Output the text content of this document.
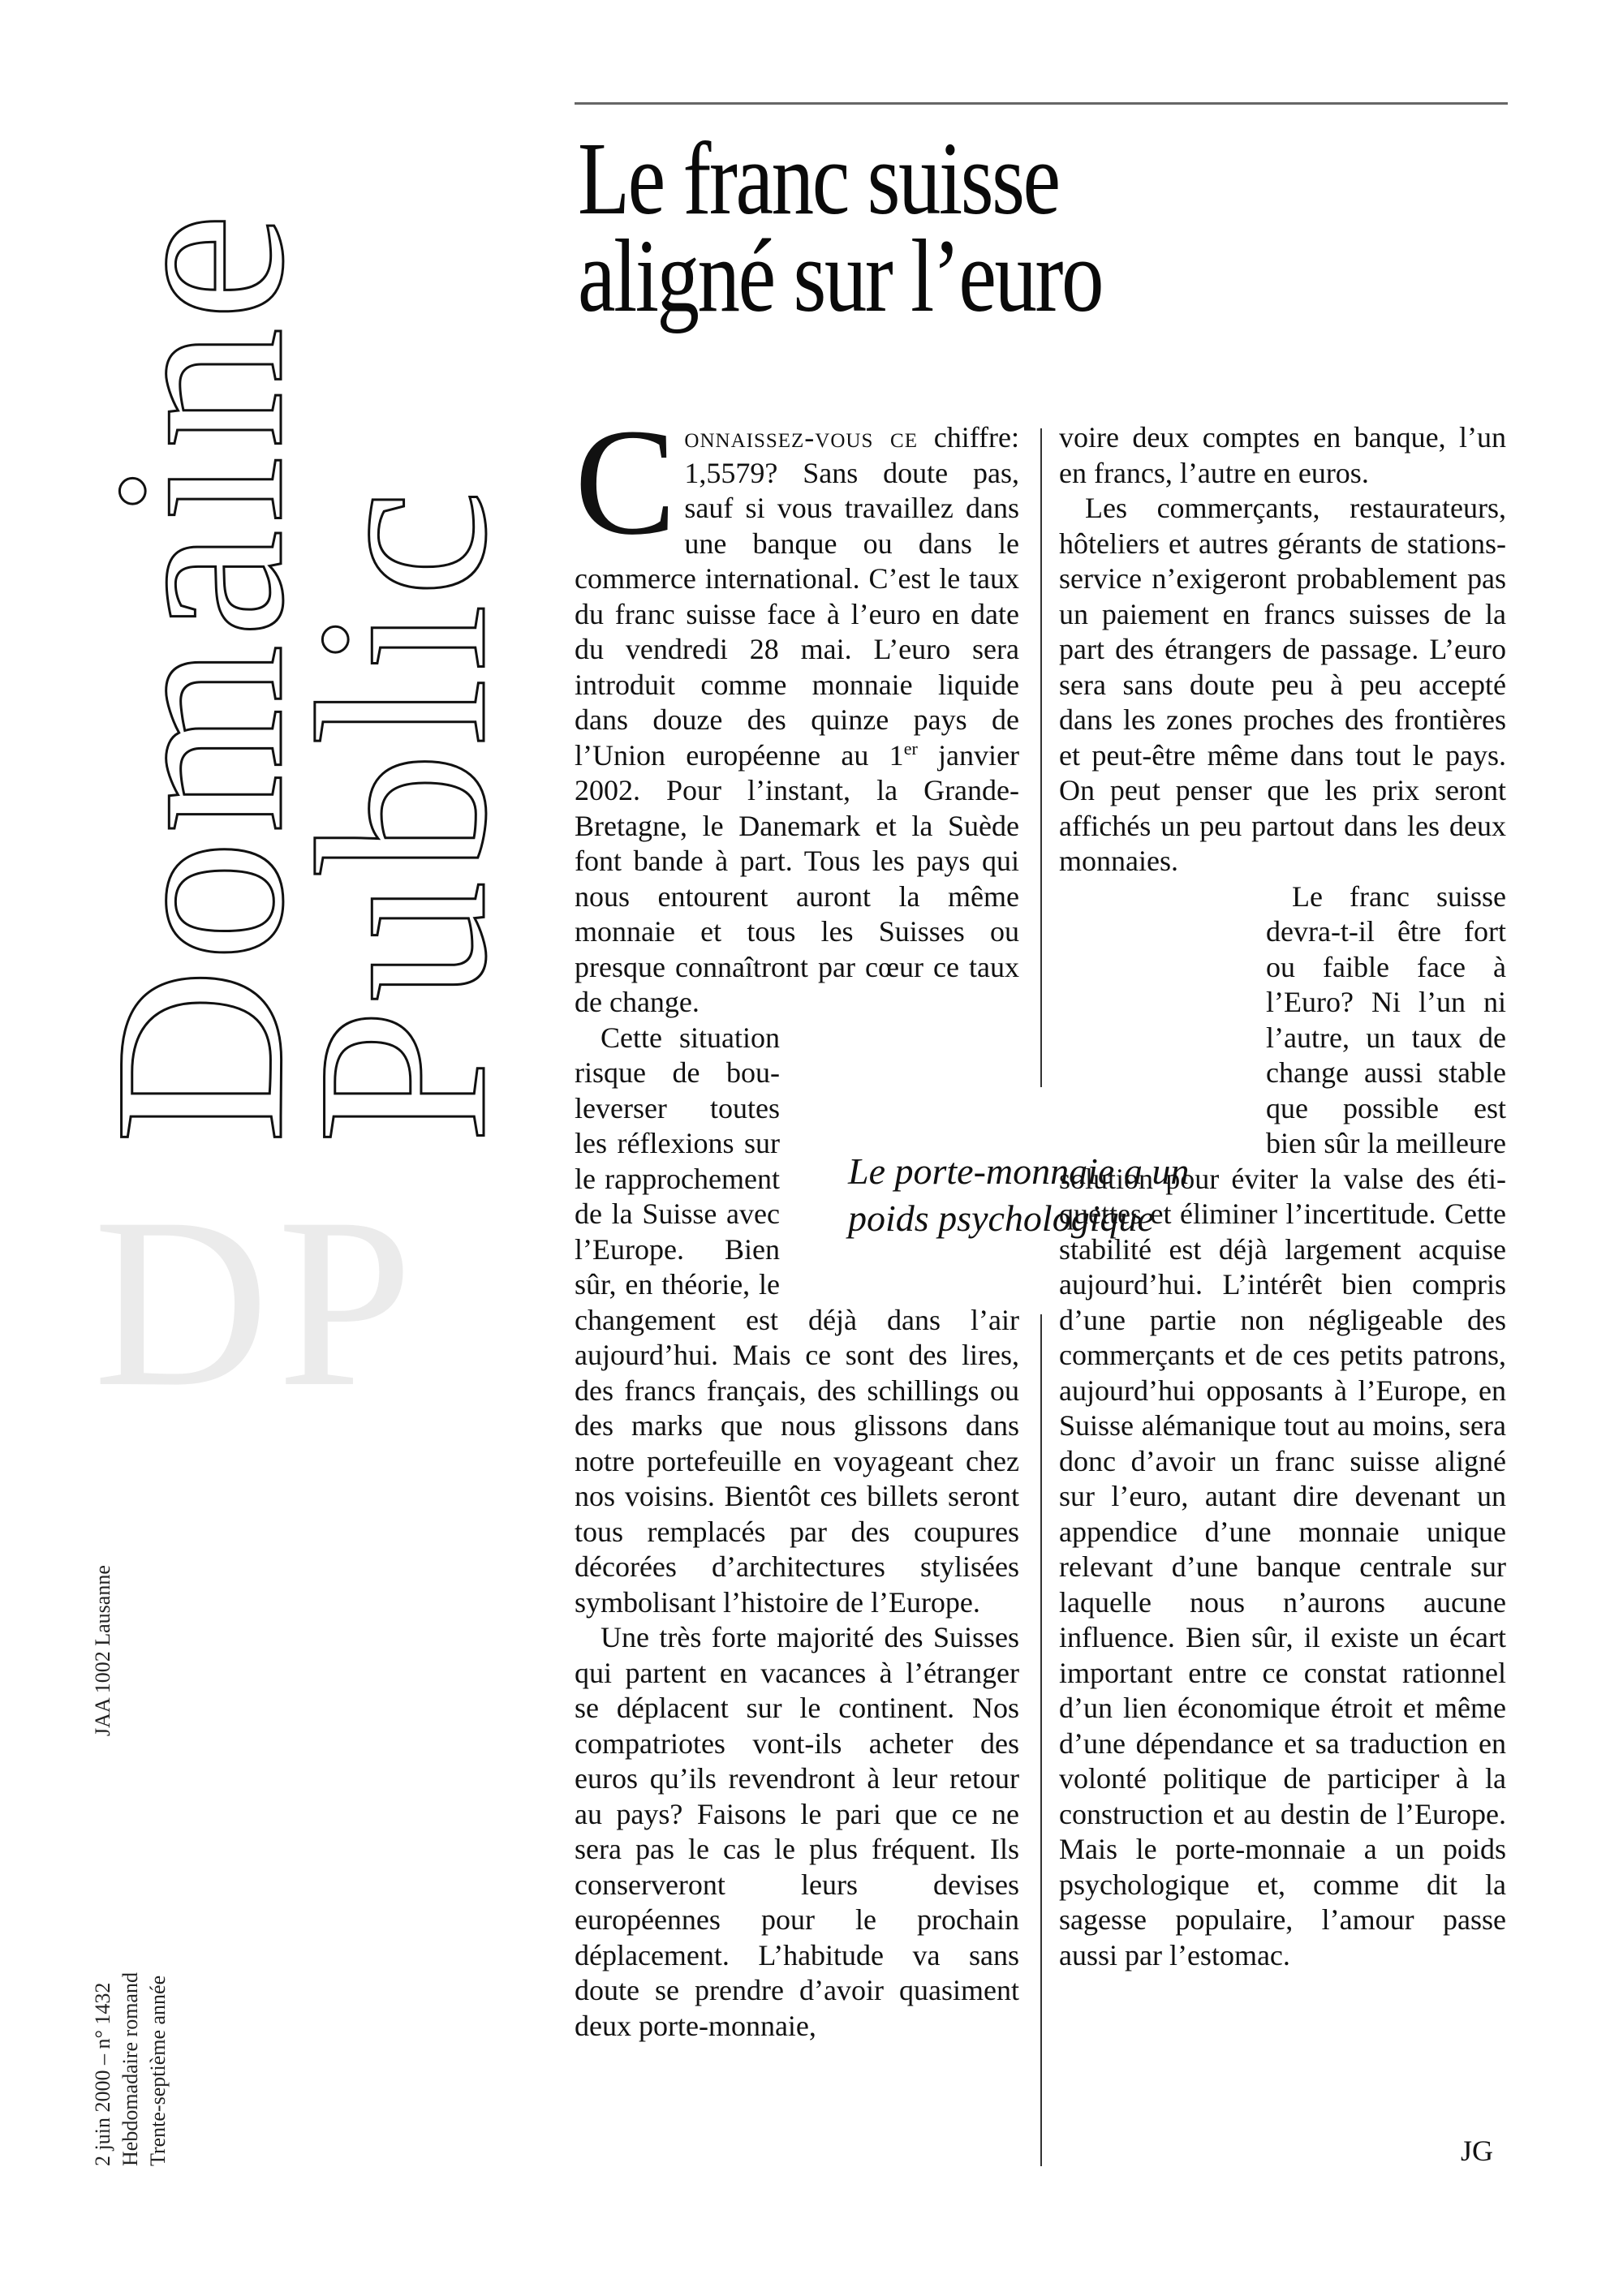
Domaine
Public
DP
2 juin 2000 – n° 1432 Hebdomadaire romand Trente-septième année
JAA 1002 Lausanne
Le franc suisse
aligné sur l’euro

Connaissez-vous ce chiffre: 1,5579? Sans doute pas, sauf si vous travaillez dans une banque ou dans le commerce international. C’est le taux du franc suisse face à l’euro en date du vendredi 28 mai. L’euro sera introduit comme monnaie liquide dans douze des quinze pays de l’Union européenne au 1er janvier 2002. Pour l’instant, la Grande-Bretagne, le Danemark et la Suède font bande à part. Tous les pays qui nous entourent auront la même monnaie et tous les Suisses ou presque connaîtront par cœur ce taux de change.

Cette situation risque de bouleverser toutes les réflexions sur le rapprochement de la Suisse avec l’Europe. Bien sûr, en théorie, le changement est déjà dans l’air aujourd’hui. Mais ce sont des lires, des francs français, des schillings ou des marks que nous glissons dans notre portefeuille en voyageant chez nos voisins. Bientôt ces billets seront tous remplacés par des coupures décorées d’architectures stylisées symbolisant l’histoire de l’Europe.

Une très forte majorité des Suisses qui partent en vacances à l’étranger se déplacent sur le continent. Nos compatriotes vont-ils acheter des euros qu’ils revendront à leur retour au pays? Faisons le pari que ce ne sera pas le cas le plus fréquent. Ils conserveront leurs devises européennes pour le prochain déplacement. L’habitude va sans doute se prendre d’avoir quasiment deux porte-monnaie,

voire deux comptes en banque, l’un en francs, l’autre en euros.

Les commerçants, restaurateurs, hôteliers et autres gérants de stations-service n’exigeront probablement pas un paiement en francs suisses de la part des étrangers de passage. L’euro sera sans doute peu à peu accepté dans les zones proches des frontières et peut-être même dans tout le pays. On peut penser que les prix seront affichés un peu partout dans les deux monnaies.

Le franc suisse devra-t-il être fort ou faible face à l’Euro? Ni l’un ni l’autre, un taux de change aussi stable que possible est bien sûr la meilleure solution pour éviter la valse des étiquettes et éliminer l’incertitude. Cette stabilité est déjà largement acquise aujourd’hui. L’intérêt bien compris d’une partie non négligeable des commerçants et de ces petits patrons, aujourd’hui opposants à l’Europe, en Suisse alémanique tout au moins, sera donc d’avoir un franc suisse aligné sur l’euro, autant dire devenant un appendice d’une monnaie unique relevant d’une banque centrale sur laquelle nous n’aurons aucune influence. Bien sûr, il existe un écart important entre ce constat rationnel d’un lien économique étroit et même d’une dépendance et sa traduction en volonté politique de participer à la construction et au destin de l’Europe. Mais le porte-monnaie a un poids psychologique et, comme dit la sagesse populaire, l’amour passe aussi par l’estomac.

JG
Le porte-monnaie a un poids psychologique
